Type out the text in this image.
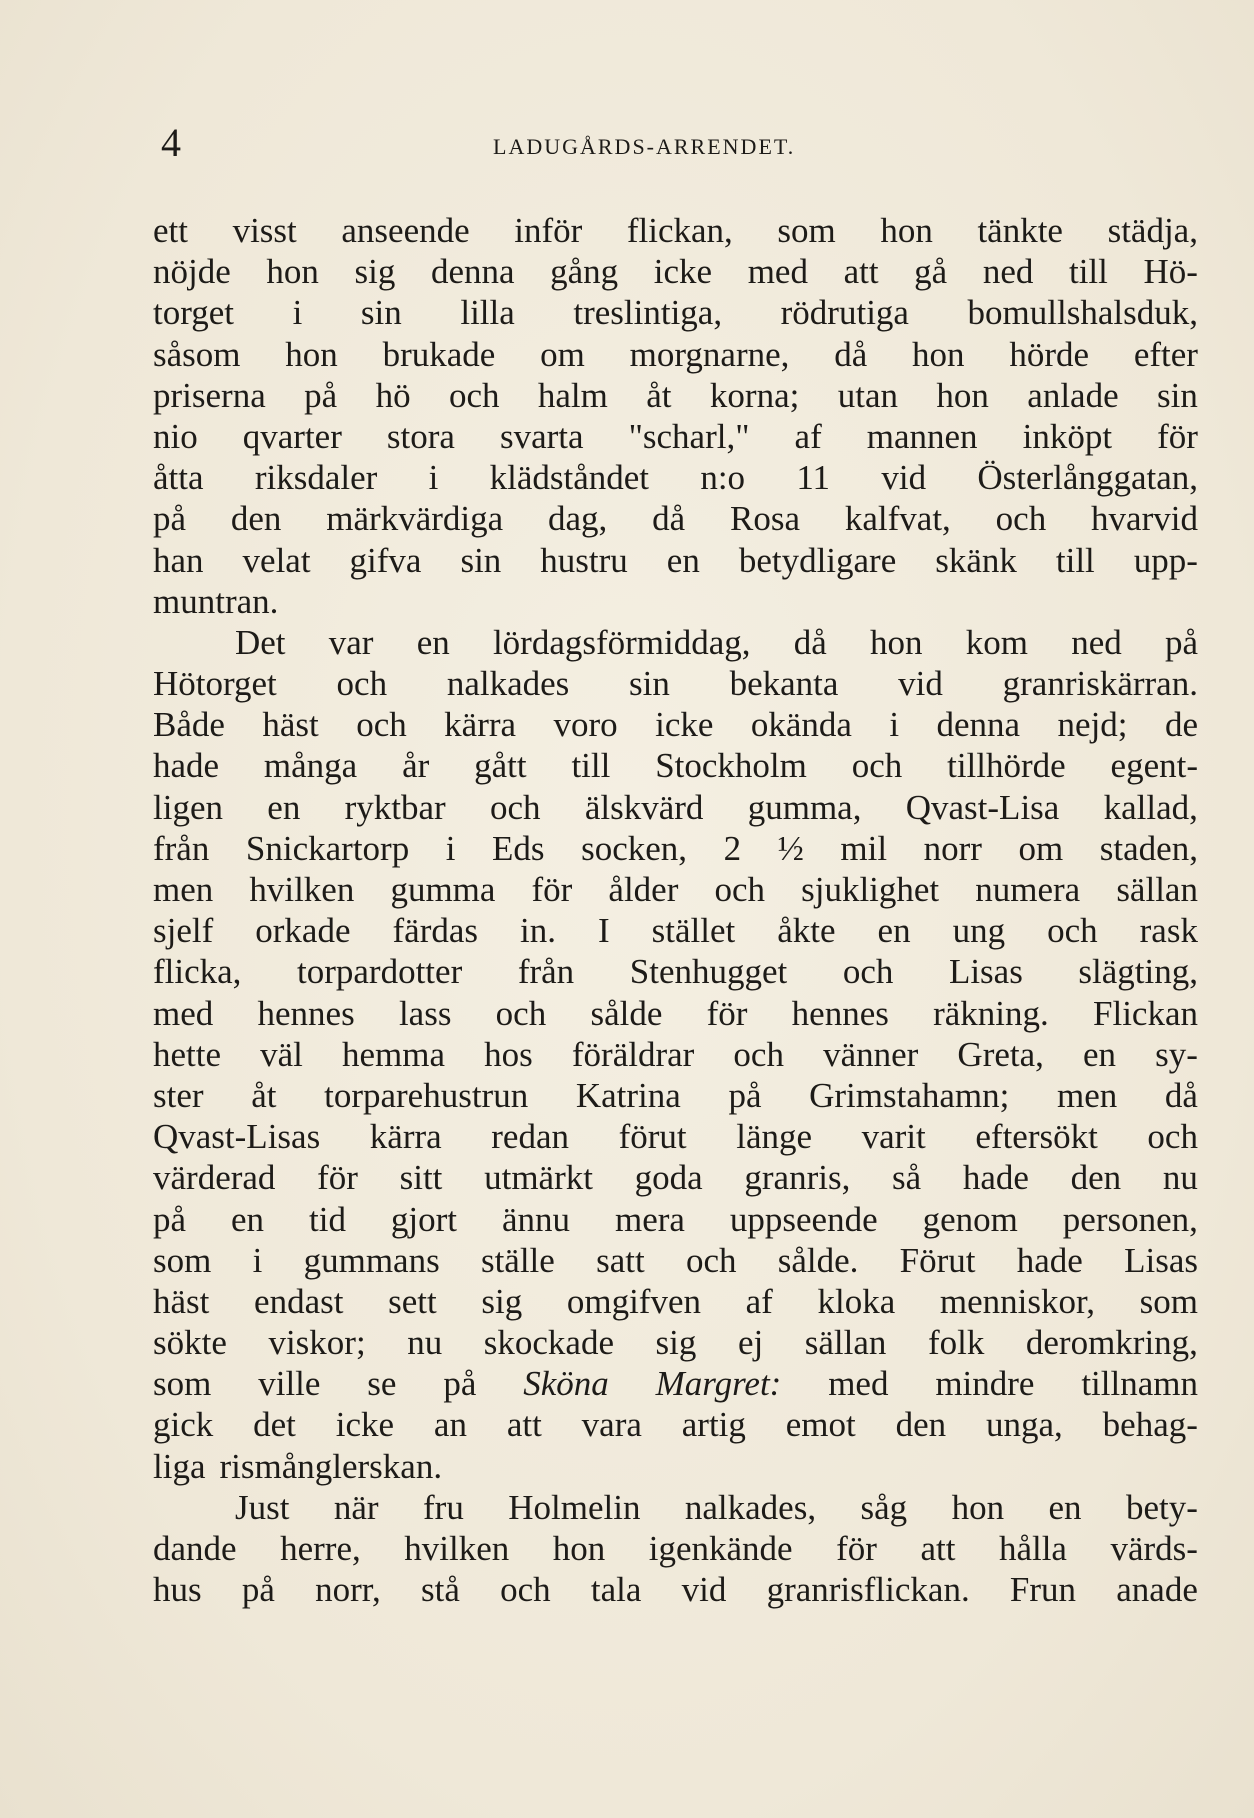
4	LADUGÅRDS-ARRENDET.
ett visst anseende inför flickan, som hon tänkte städja,
nöjde hon sig denna gång icke med att gå ned till Hö-
torget i sin lilla treslintiga, rödrutiga bomullshalsduk,
såsom hon brukade om morgnarne, då hon hörde efter
priserna på hö och halm åt korna; utan hon anlade sin
nio qvarter stora svarta "scharl," af mannen inköpt för
åtta riksdaler i klädståndet n:o 11 vid Österlånggatan,
på den märkvärdiga dag, då Rosa kalfvat, och hvarvid
han velat gifva sin hustru en betydligare skänk till upp-
muntran.
Det var en lördagsförmiddag, då hon kom ned på
Hötorget och nalkades sin bekanta vid granriskärran.
Både häst och kärra voro icke okända i denna nejd; de
hade många år gått till Stockholm och tillhörde egent-
ligen en ryktbar och älskvärd gumma, Qvast-Lisa kallad,
från Snickartorp i Eds socken, 2 ½ mil norr om staden,
men hvilken gumma för ålder och sjuklighet numera sällan
sjelf orkade färdas in. I stället åkte en ung och rask
flicka, torpardotter från Stenhugget och Lisas slägting,
med hennes lass och sålde för hennes räkning. Flickan
hette väl hemma hos föräldrar och vänner Greta, en sy-
ster åt torparehustrun Katrina på Grimstahamn; men då
Qvast-Lisas kärra redan förut länge varit eftersökt och
värderad för sitt utmärkt goda granris, så hade den nu
på en tid gjort ännu mera uppseende genom personen,
som i gummans ställe satt och sålde. Förut hade Lisas
häst endast sett sig omgifven af kloka menniskor, som
sökte viskor; nu skockade sig ej sällan folk deromkring,
som ville se på Sköna Margret: med mindre tillnamn
gick det icke an att vara artig emot den unga, behag-
liga rismånglerskan.
Just när fru Holmelin nalkades, såg hon en bety-
dande herre, hvilken hon igenkände för att hålla värds-
hus på norr, stå och tala vid granrisflickan. Frun anade
